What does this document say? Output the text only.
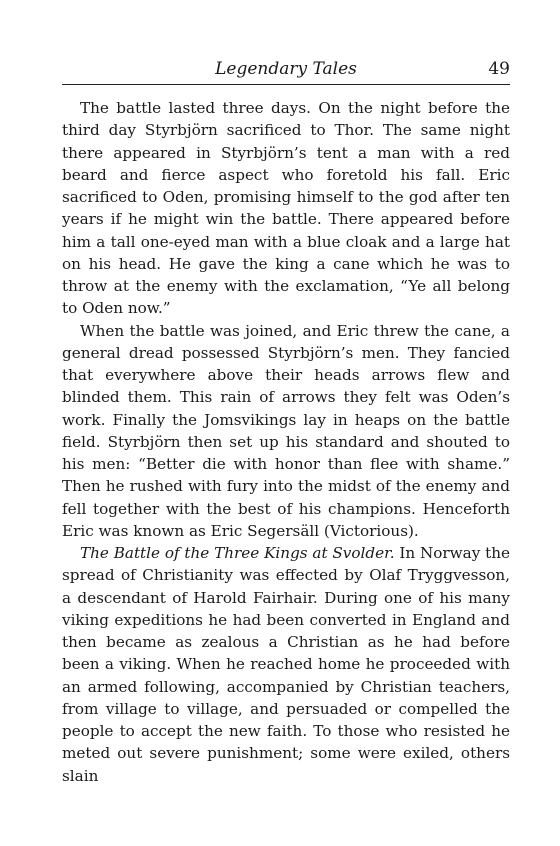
Legendary Tales	49

The battle lasted three days. On the night before the third day Styrbjörn sacrificed to Thor. The same night there appeared in Styrbjörn’s tent a man with a red beard and fierce aspect who foretold his fall. Eric sacrificed to Oden, promising himself to the god after ten years if he might win the battle. There appeared before him a tall one-eyed man with a blue cloak and a large hat on his head. He gave the king a cane which he was to throw at the enemy with the exclamation, “Ye all belong to Oden now.”

When the battle was joined, and Eric threw the cane, a general dread possessed Styrbjörn’s men. They fancied that everywhere above their heads arrows flew and blinded them. This rain of arrows they felt was Oden’s work. Finally the Jomsvikings lay in heaps on the battle field. Styrbjörn then set up his standard and shouted to his men: “Better die with honor than flee with shame.” Then he rushed with fury into the midst of the enemy and fell together with the best of his champions. Henceforth Eric was known as Eric Segersäll (Victorious).

The Battle of the Three Kings at Svolder. In Norway the spread of Christianity was effected by Olaf Tryggvesson, a descendant of Harold Fairhair. During one of his many viking expeditions he had been converted in England and then became as zealous a Christian as he had before been a viking. When he reached home he proceeded with an armed following, accompanied by Christian teachers, from village to village, and persuaded or compelled the people to accept the new faith. To those who resisted he meted out severe punishment; some were exiled, others slain
